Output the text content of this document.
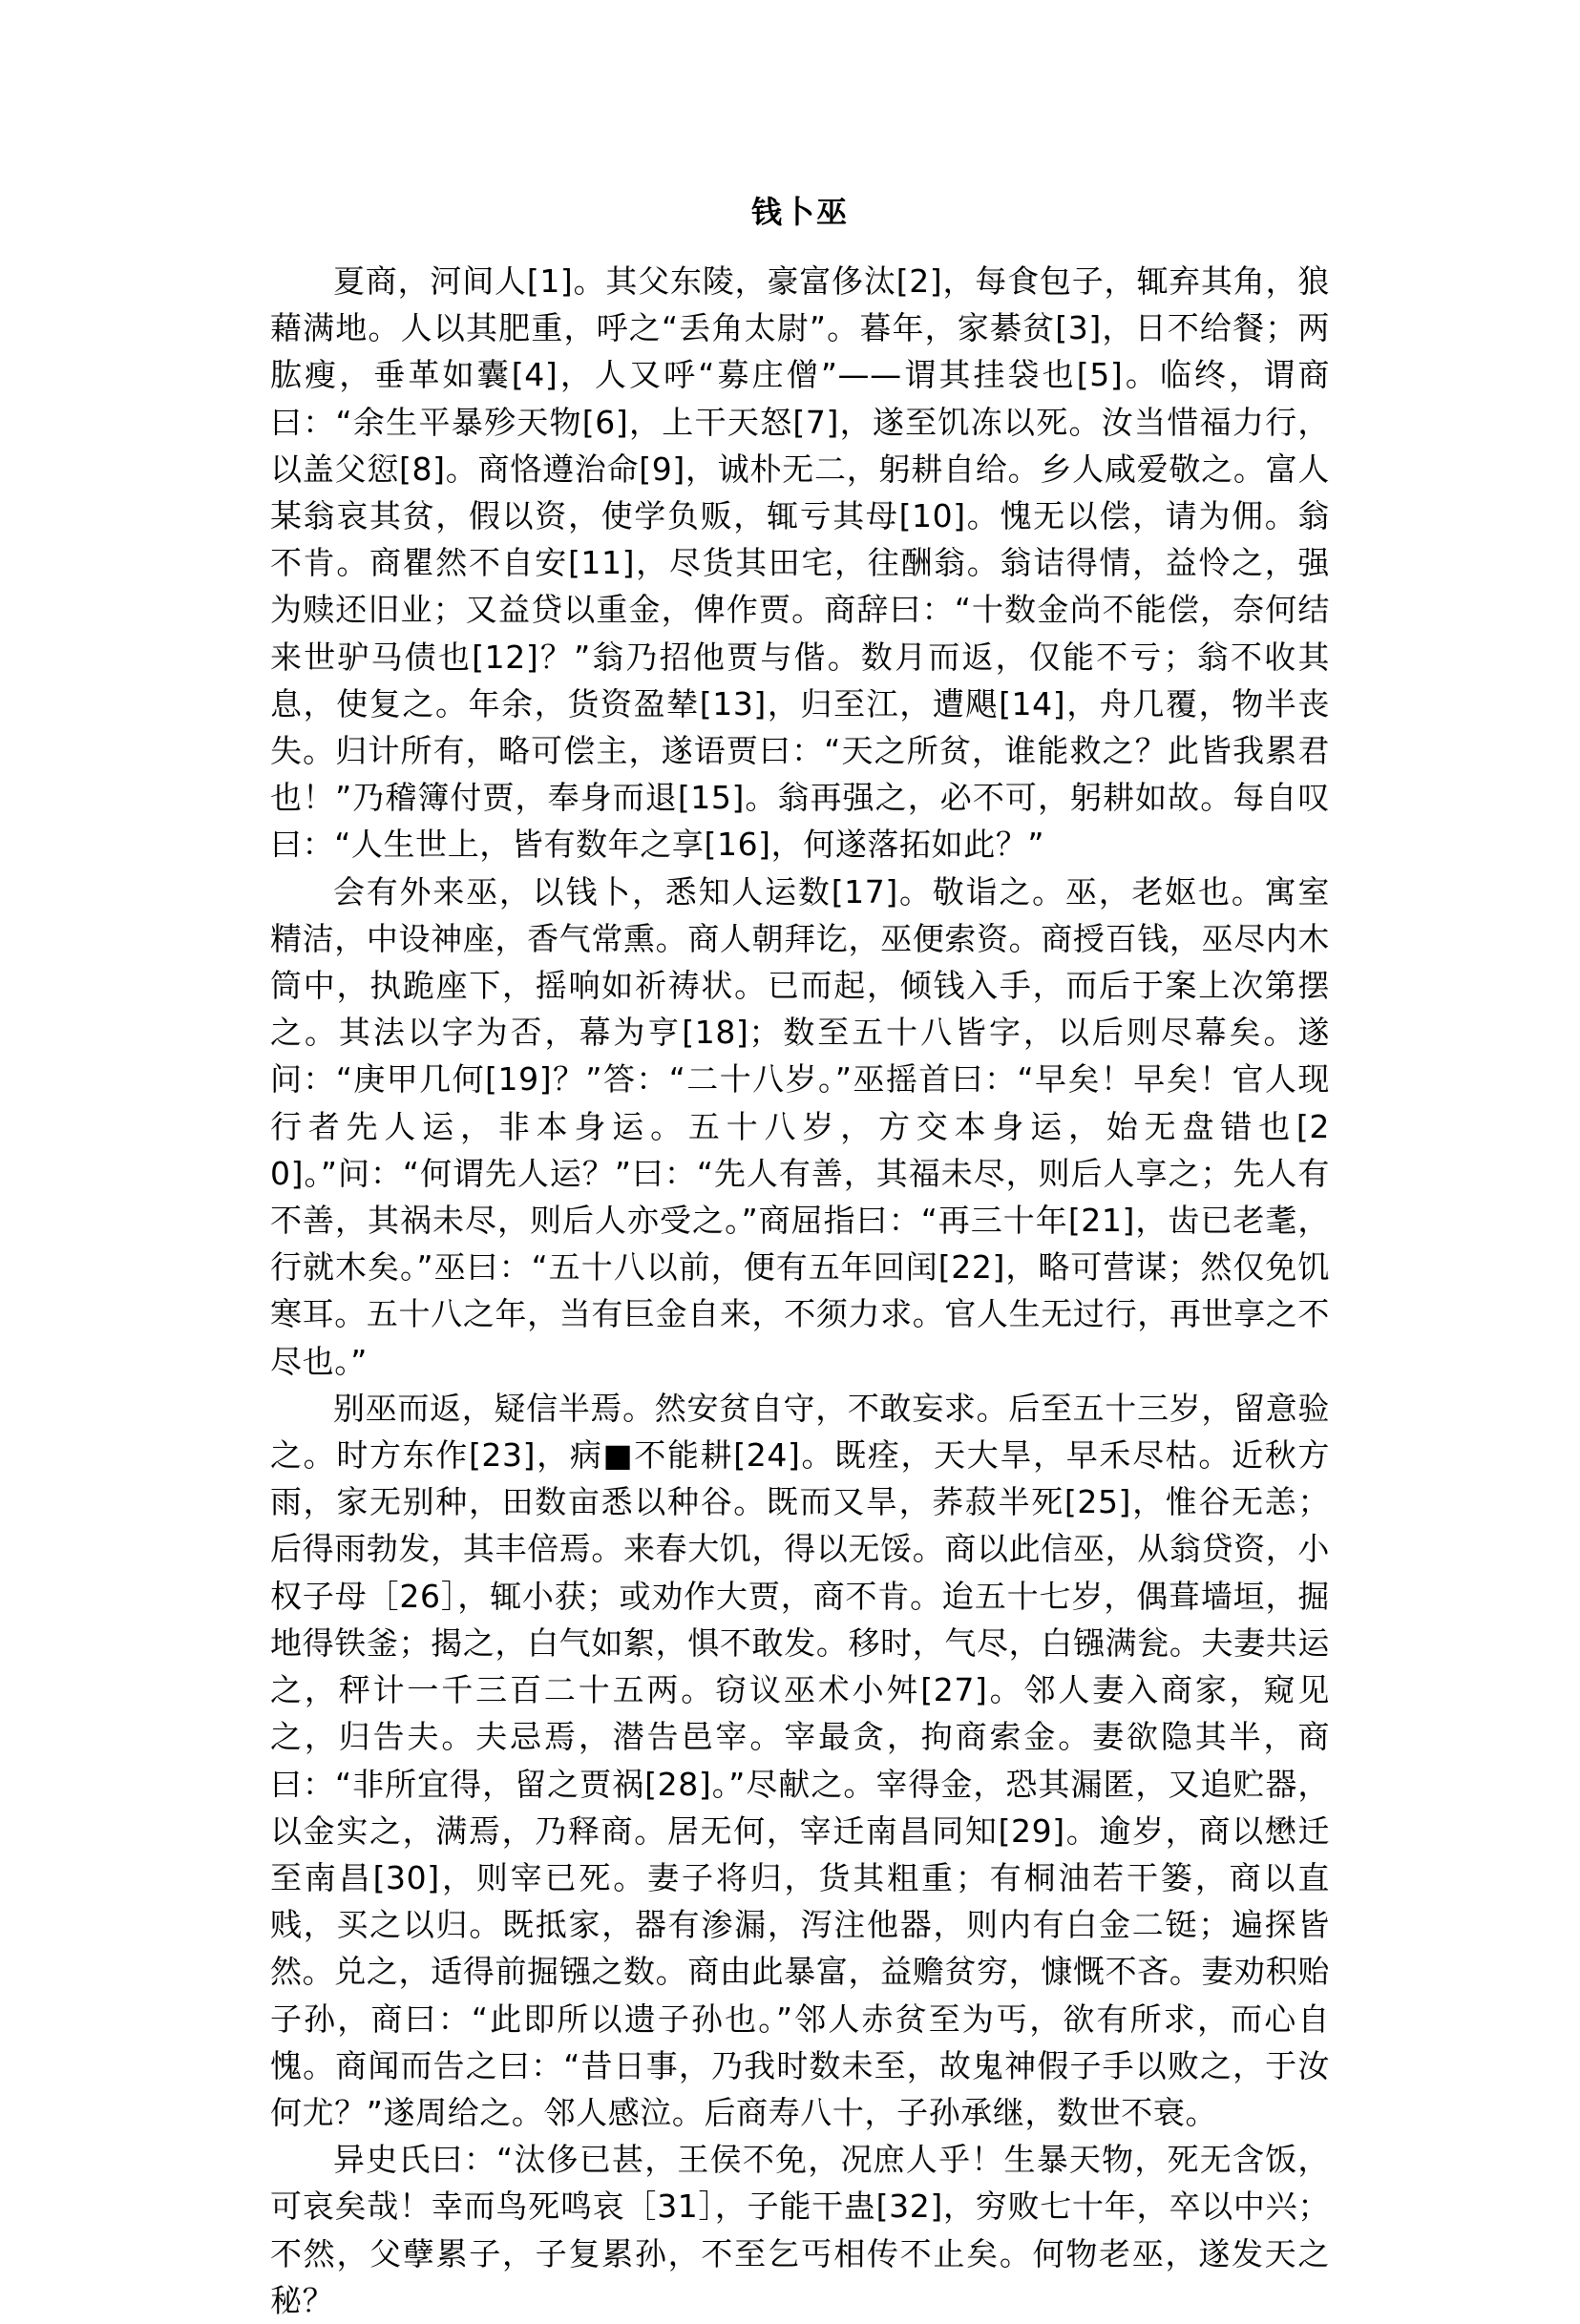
钱卜巫

夏商，河间人[1]。其父东陵，豪富侈汰[2]，每食包子，辄弃其角，狼藉满地。人以其肥重，呼之“丢角太尉”。暮年，家綦贫[3]，日不给餐；两肱瘦，垂革如囊[4]，人又呼“募庄僧”——谓其挂袋也[5]。临终，谓商曰：“余生平暴殄天物[6]，上干天怒[7]，遂至饥冻以死。汝当惜福力行，以盖父愆[8]。商恪遵治命[9]，诚朴无二，躬耕自给。乡人咸爱敬之。富人某翁哀其贫，假以资，使学负贩，辄亏其母[10]。愧无以偿，请为佣。翁不肯。商瞿然不自安[11]，尽货其田宅，往酬翁。翁诘得情，益怜之，强为赎还旧业；又益贷以重金，俾作贾。商辞曰：“十数金尚不能偿，奈何结来世驴马债也[12]？”翁乃招他贾与偕。数月而返，仅能不亏；翁不收其息，使复之。年余，货资盈辇[13]，归至江，遭飓[14]，舟几覆，物半丧失。归计所有，略可偿主，遂语贾曰：“天之所贫，谁能救之？此皆我累君也！”乃稽簿付贾，奉身而退[15]。翁再强之，必不可，躬耕如故。每自叹曰：“人生世上，皆有数年之享[16]，何遂落拓如此？”

会有外来巫，以钱卜，悉知人运数[17]。敬诣之。巫，老妪也。寓室精洁，中设神座，香气常熏。商人朝拜讫，巫便索资。商授百钱，巫尽内木筒中，执跪座下，摇响如祈祷状。已而起，倾钱入手，而后于案上次第摆之。其法以字为否，幕为亨[18]；数至五十八皆字，以后则尽幕矣。遂问：“庚甲几何[19]？”答：“二十八岁。”巫摇首曰：“早矣！早矣！官人现行者先人运，非本身运。五十八岁，方交本身运，始无盘错也[20]。”问：“何谓先人运？”曰：“先人有善，其福未尽，则后人享之；先人有不善，其祸未尽，则后人亦受之。”商屈指曰：“再三十年[21]，齿已老耄，行就木矣。”巫曰：“五十八以前，便有五年回闰[22]，略可营谋；然仅免饥寒耳。五十八之年，当有巨金自来，不须力求。官人生无过行，再世享之不尽也。”

别巫而返，疑信半焉。然安贫自守，不敢妄求。后至五十三岁，留意验之。时方东作[23]，病■不能耕[24]。既痊，天大旱，早禾尽枯。近秋方雨，家无别种，田数亩悉以种谷。既而又旱，荞菽半死[25]，惟谷无恙；后得雨勃发，其丰倍焉。来春大饥，得以无馁。商以此信巫，从翁贷资，小权子母［26］，辄小获；或劝作大贾，商不肯。迨五十七岁，偶葺墙垣，掘地得铁釜；揭之，白气如絮，惧不敢发。移时，气尽，白镪满瓮。夫妻共运之，秤计一千三百二十五两。窃议巫术小舛[27]。邻人妻入商家，窥见之，归告夫。夫忌焉，潜告邑宰。宰最贪，拘商索金。妻欲隐其半，商曰：“非所宜得，留之贾祸[28]。”尽献之。宰得金，恐其漏匿，又追贮器，以金实之，满焉，乃释商。居无何，宰迁南昌同知[29]。逾岁，商以懋迁至南昌[30]，则宰已死。妻子将归，货其粗重；有桐油若干篓，商以直贱，买之以归。既抵家，器有渗漏，泻注他器，则内有白金二铤；遍探皆然。兑之，适得前掘镪之数。商由此暴富，益赡贫穷，慷慨不吝。妻劝积贻子孙，商曰：“此即所以遗子孙也。”邻人赤贫至为丐，欲有所求，而心自愧。商闻而告之曰：“昔日事，乃我时数未至，故鬼神假子手以败之，于汝何尤？”遂周给之。邻人感泣。后商寿八十，子孙承继，数世不衰。

异史氏曰：“汰侈已甚，王侯不免，况庶人乎！生暴天物，死无含饭，可哀矣哉！幸而鸟死鸣哀［31］，子能干蛊[32]，穷败七十年，卒以中兴；不然，父孽累子，子复累孙，不至乞丐相传不止矣。何物老巫，遂发天之秘？
